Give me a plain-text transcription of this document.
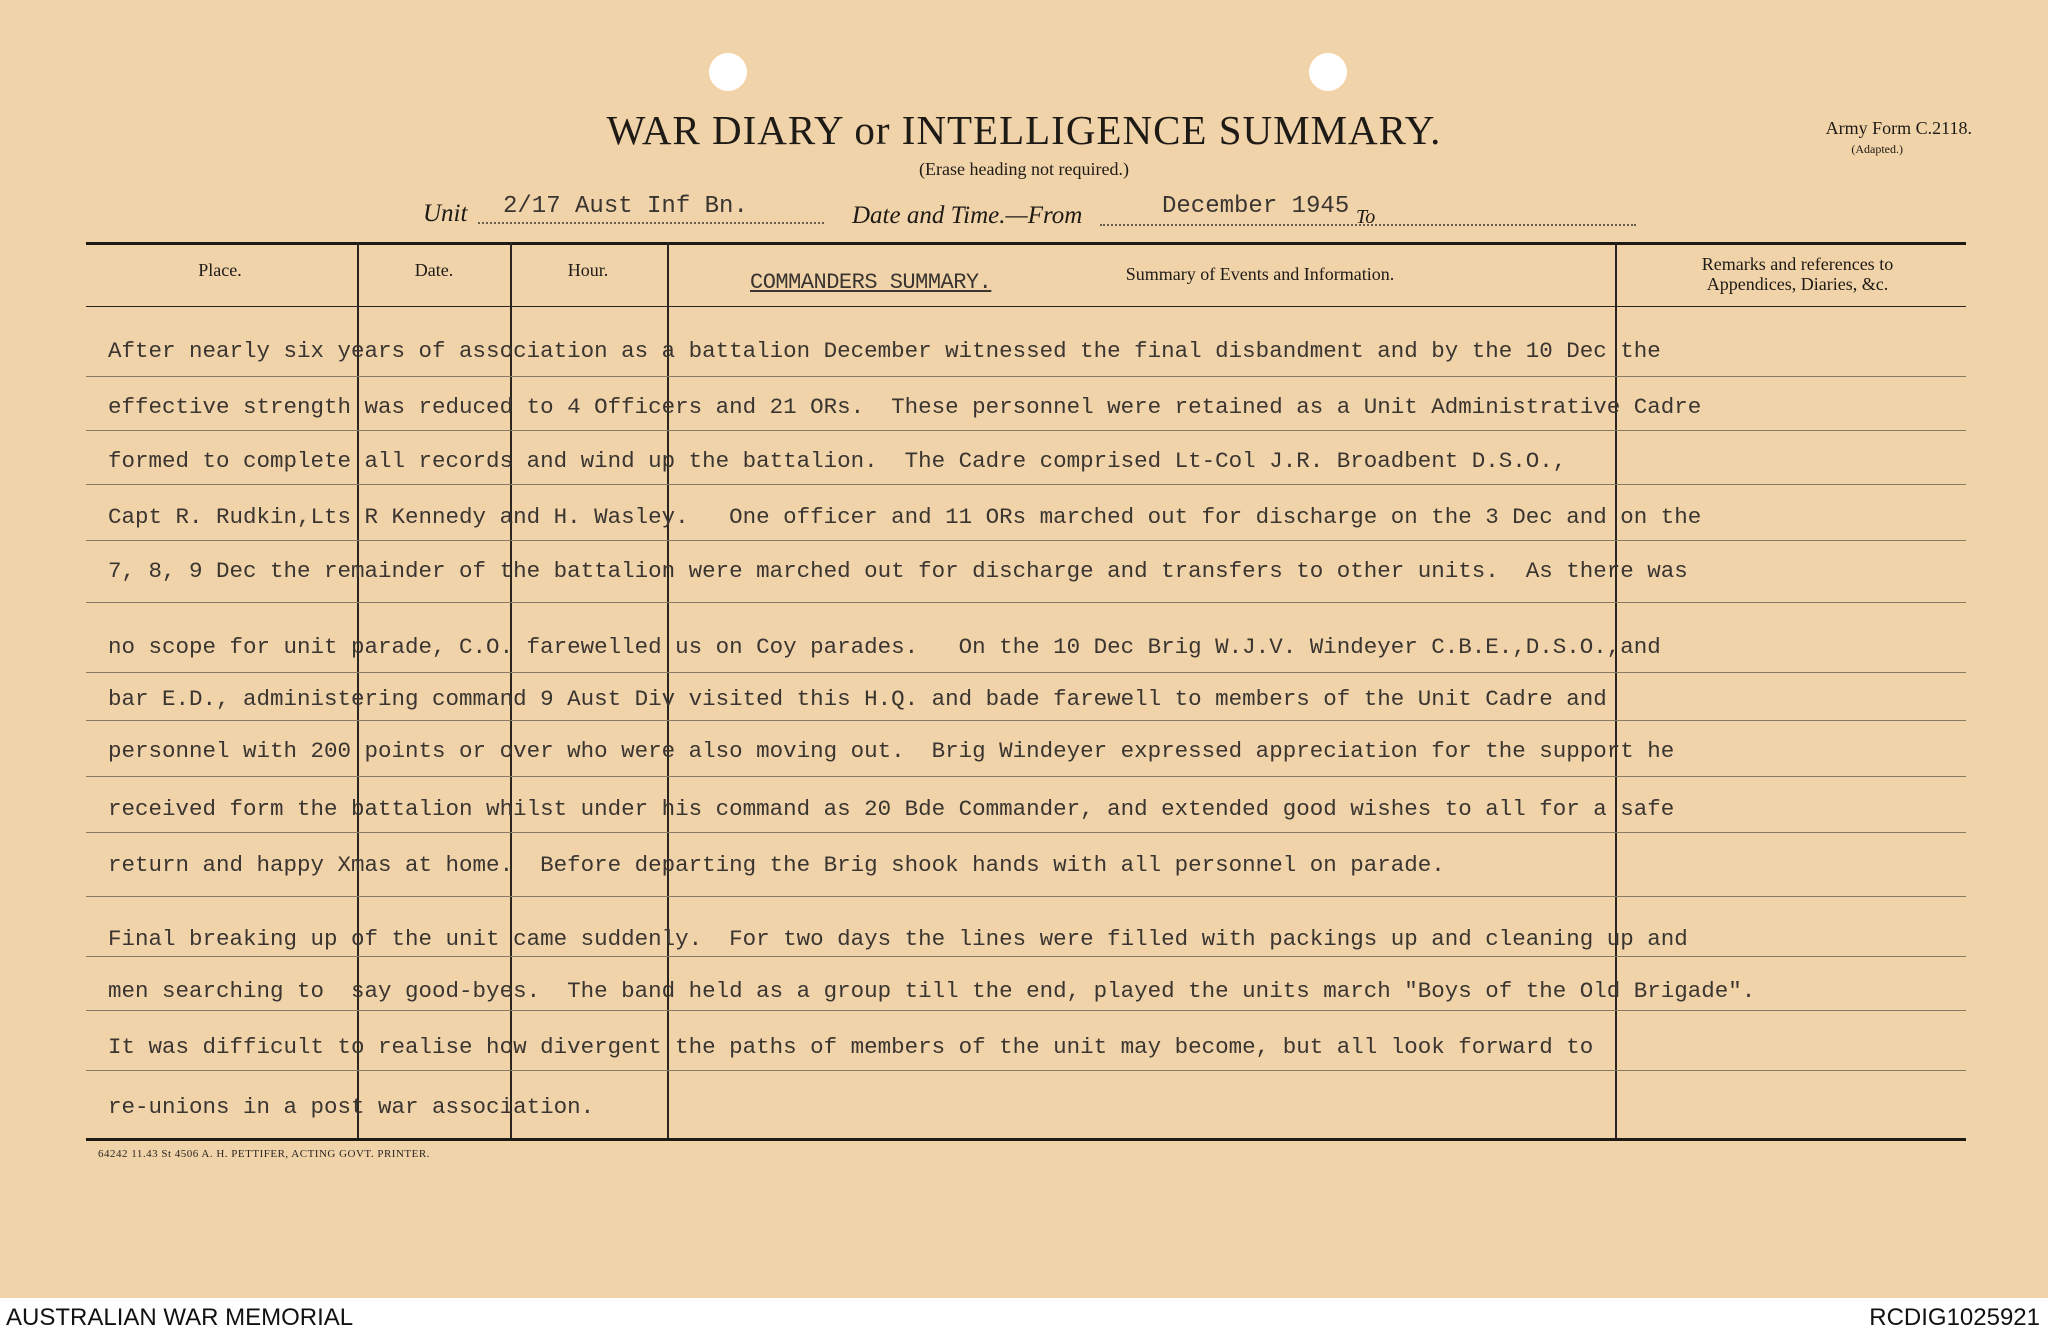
WAR DIARY or INTELLIGENCE SUMMARY.
(Erase heading not required.)
Army Form C.2118.
(Adapted.)
Unit 2/17 Aust Inf Bn.	Date and Time.—From	December 1945 To
Place.	Date.	Hour.	Summary of Events and Information.	Remarks and references to
Appendices, Diaries, &c.
COMMANDERS SUMMARY.
After nearly six years of association as a battalion December witnessed the final disbandment and by the 10 Dec the
effective strength was reduced to 4 Officers and 21 ORs.  These personnel were retained as a Unit Administrative Cadre
formed to complete all records and wind up the battalion.  The Cadre comprised Lt-Col J.R. Broadbent D.S.O.,
Capt R. Rudkin,Lts R Kennedy and H. Wasley.   One officer and 11 ORs marched out for discharge on the 3 Dec and on the
7, 8, 9 Dec the remainder of the battalion were marched out for discharge and transfers to other units.  As there was
no scope for unit parade, C.O. farewelled us on Coy parades.   On the 10 Dec Brig W.J.V. Windeyer C.B.E.,D.S.O.,and
bar E.D., administering command 9 Aust Div visited this H.Q. and bade farewell to members of the Unit Cadre and
personnel with 200 points or over who were also moving out.  Brig Windeyer expressed appreciation for the support he
received form the battalion whilst under his command as 20 Bde Commander, and extended good wishes to all for a safe
return and happy Xmas at home.  Before departing the Brig shook hands with all personnel on parade.
Final breaking up of the unit came suddenly.  For two days the lines were filled with packings up and cleaning up and
men searching to  say good-byes.  The band held as a group till the end, played the units march "Boys of the Old Brigade".
It was difficult to realise how divergent the paths of members of the unit may become, but all look forward to
re-unions in a post war association.
64242 11.43 St 4506 A. H. PETTIFER, ACTING GOVT. PRINTER.
AUSTRALIAN WAR MEMORIAL	RCDIG1025921
